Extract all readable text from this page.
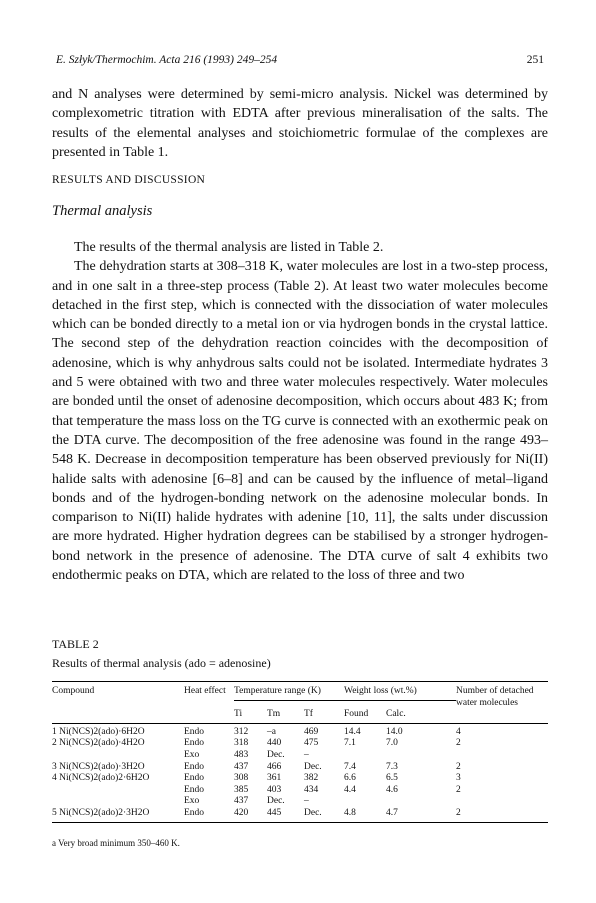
E. Szłyk/Thermochim. Acta 216 (1993) 249–254	251

and N analyses were determined by semi-micro analysis. Nickel was determined by complexometric titration with EDTA after previous mineralisation of the salts. The results of the elemental analyses and stoichiometric formulae of the complexes are presented in Table 1.

RESULTS AND DISCUSSION
Thermal analysis

The results of the thermal analysis are listed in Table 2.

The dehydration starts at 308–318 K, water molecules are lost in a two-step process, and in one salt in a three-step process (Table 2). At least two water molecules become detached in the first step, which is connected with the dissociation of water molecules which can be bonded directly to a metal ion or via hydrogen bonds in the crystal lattice. The second step of the dehydration reaction coincides with the decomposition of adenosine, which is why anhydrous salts could not be isolated. Intermediate hydrates 3 and 5 were obtained with two and three water molecules respectively. Water molecules are bonded until the onset of adenosine decomposition, which occurs about 483 K; from that temperature the mass loss on the TG curve is connected with an exothermic peak on the DTA curve. The decomposition of the free adenosine was found in the range 493–548 K. Decrease in decomposition temperature has been observed previously for Ni(II) halide salts with adenosine [6–8] and can be caused by the influence of metal–ligand bonds and of the hydrogen-bonding network on the adenosine molecular bonds. In comparison to Ni(II) halide hydrates with adenine [10, 11], the salts under discussion are more hydrated. Higher hydration degrees can be stabilised by a stronger hydrogen-bond network in the presence of adenosine. The DTA curve of salt 4 exhibits two endothermic peaks on DTA, which are related to the loss of three and two

TABLE 2
Results of thermal analysis (ado = adenosine)
Compound	Heat effect	Temperature range (K)			Weight loss (wt.%)		Number of detached water molecules
		Ti	Tm	Tf	Found	Calc.	
1 Ni(NCS)2(ado)·6H2O	Endo	312	–a	469	14.4	14.0	4
2 Ni(NCS)2(ado)·4H2O	Endo	318	440	475	7.1	7.0	2
	Exo	483	Dec.	–			
3 Ni(NCS)2(ado)·3H2O	Endo	437	466	Dec.	7.4	7.3	2
4 Ni(NCS)2(ado)2·6H2O	Endo	308	361	382	6.6	6.5	3
	Endo	385	403	434	4.4	4.6	2
	Exo	437	Dec.	–			
5 Ni(NCS)2(ado)2·3H2O	Endo	420	445	Dec.	4.8	4.7	2
a Very broad minimum 350–460 K.
